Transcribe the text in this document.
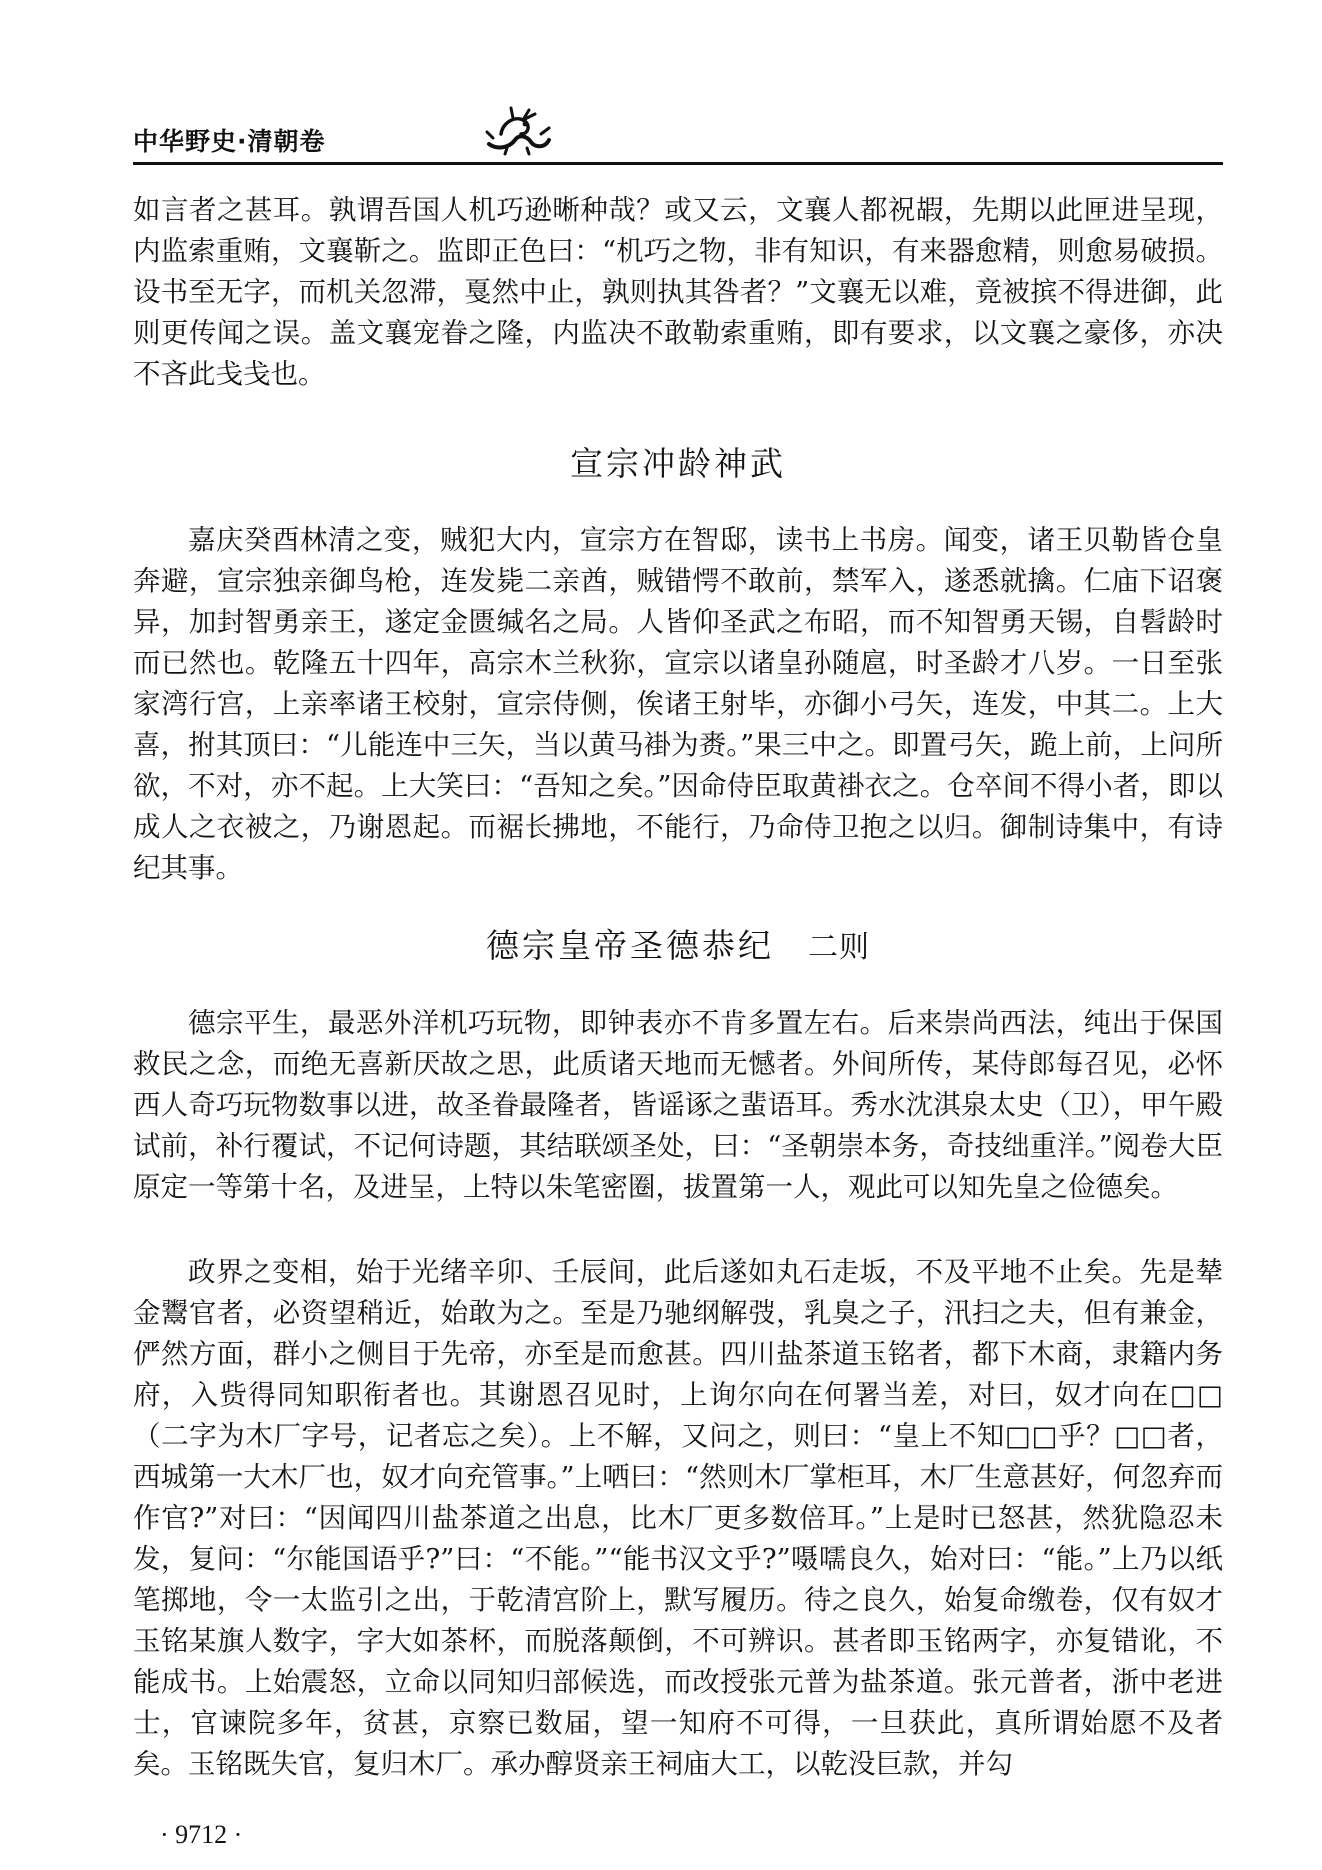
中华野史·清朝卷

如言者之甚耳。孰谓吾国人机巧逊晰种哉？或又云，文襄人都祝嘏，先期以此匣进呈现，内监索重贿，文襄靳之。监即正色曰：“机巧之物，非有知识，有来器愈精，则愈易破损。设书至无字，而机关忽滞，戛然中止，孰则执其咎者？”文襄无以难，竟被摈不得进御，此则更传闻之误。盖文襄宠眷之隆，内监决不敢勒索重贿，即有要求，以文襄之豪侈，亦决不吝此戋戋也。

宣宗冲龄神武

嘉庆癸酉林清之变，贼犯大内，宣宗方在智邸，读书上书房。闻变，诸王贝勒皆仓皇奔避，宣宗独亲御鸟枪，连发毙二亲酋，贼错愕不敢前，禁军入，遂悉就擒。仁庙下诏褒异，加封智勇亲王，遂定金匮缄名之局。人皆仰圣武之布昭，而不知智勇天锡，自髫龄时而已然也。乾隆五十四年，高宗木兰秋狝，宣宗以诸皇孙随扈，时圣龄才八岁。一日至张家湾行宫，上亲率诸王校射，宣宗侍侧，俟诸王射毕，亦御小弓矢，连发，中其二。上大喜，拊其顶曰：“儿能连中三矢，当以黄马褂为赉。”果三中之。即置弓矢，跪上前，上问所欲，不对，亦不起。上大笑曰：“吾知之矣。”因命侍臣取黄褂衣之。仓卒间不得小者，即以成人之衣被之，乃谢恩起。而裾长拂地，不能行，乃命侍卫抱之以归。御制诗集中，有诗纪其事。

德宗皇帝圣德恭纪 二则

德宗平生，最恶外洋机巧玩物，即钟表亦不肯多置左右。后来崇尚西法，纯出于保国救民之念，而绝无喜新厌故之思，此质诸天地而无憾者。外间所传，某侍郎每召见，必怀西人奇巧玩物数事以进，故圣眷最隆者，皆谣诼之蜚语耳。秀水沈淇泉太史（卫），甲午殿试前，补行覆试，不记何诗题，其结联颂圣处，曰：“圣朝崇本务，奇技绌重洋。”阅卷大臣原定一等第十名，及进呈，上特以朱笔密圈，拔置第一人，观此可以知先皇之俭德矣。

政界之变相，始于光绪辛卯、壬辰间，此后遂如丸石走坂，不及平地不止矣。先是辇金鬻官者，必资望稍近，始敢为之。至是乃驰纲解弢，乳臭之子，汛扫之夫，但有兼金，俨然方面，群小之侧目于先帝，亦至是而愈甚。四川盐茶道玉铭者，都下木商，隶籍内务府，入赀得同知职衔者也。其谢恩召见时，上询尔向在何署当差，对曰，奴才向在□□（二字为木厂字号，记者忘之矣）。上不解，又问之，则曰：“皇上不知□□乎？□□者，西城第一大木厂也，奴才向充管事。”上哂曰：“然则木厂掌柜耳，木厂生意甚好，何忽弃而作官?”对曰：“因闻四川盐茶道之出息，比木厂更多数倍耳。”上是时已怒甚，然犹隐忍未发，复问：“尔能国语乎?”曰：“不能。”“能书汉文乎?”嗫嚅良久，始对曰：“能。”上乃以纸笔掷地，令一太监引之出，于乾清宫阶上，默写履历。待之良久，始复命缴卷，仅有奴才玉铭某旗人数字，字大如茶杯，而脱落颠倒，不可辨识。甚者即玉铭两字，亦复错讹，不能成书。上始震怒，立命以同知归部候选，而改授张元普为盐茶道。张元普者，浙中老进士，官谏院多年，贫甚，京察已数届，望一知府不可得，一旦获此，真所谓始愿不及者矣。玉铭既失官，复归木厂。承办醇贤亲王祠庙大工，以乾没巨款，并勾

· 9712 ·
